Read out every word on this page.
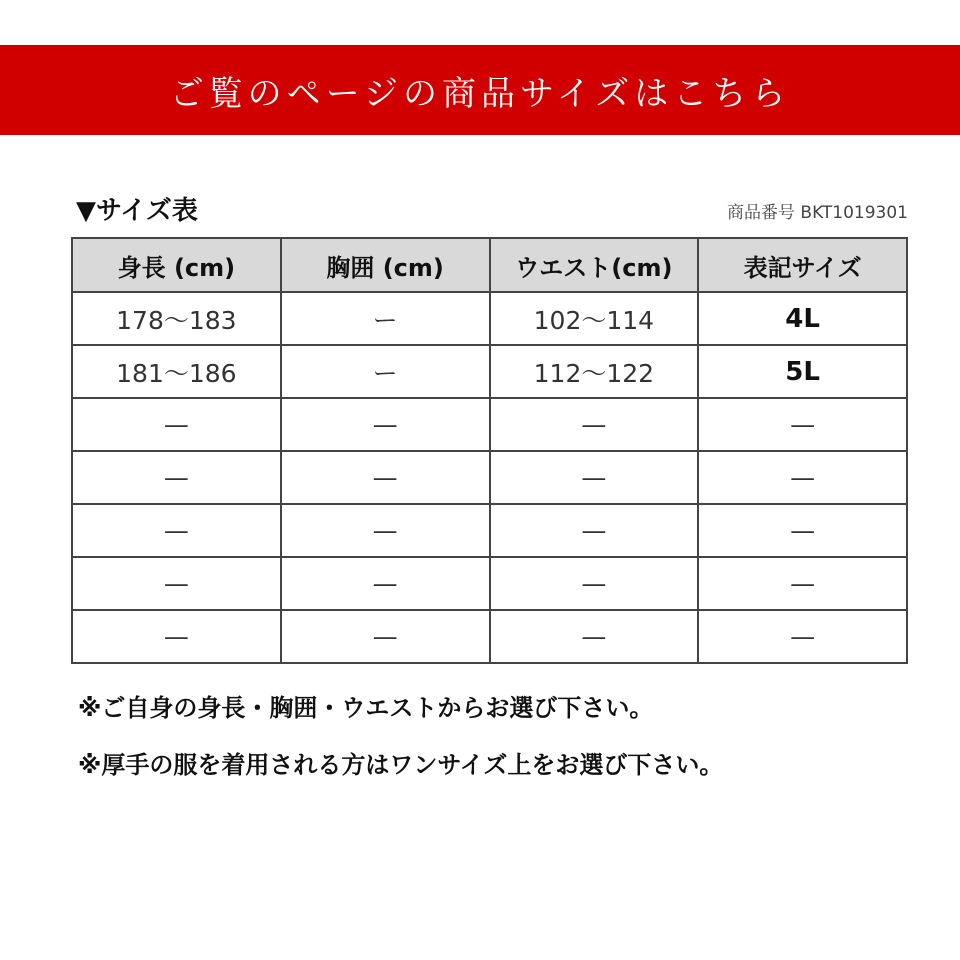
ご覧のページの商品サイズはこちら
▼サイズ表	商品番号 BKT1019301
身長 (cm)	胸囲 (cm)	ウエスト(cm)	表記サイズ
178〜183	ー	102〜114	4L
181〜186	ー	112〜122	5L
—	—	—	—
—	—	—	—
—	—	—	—
—	—	—	—
—	—	—	—
※ご自身の身長・胸囲・ウエストからお選び下さい。
※厚手の服を着用される方はワンサイズ上をお選び下さい。
